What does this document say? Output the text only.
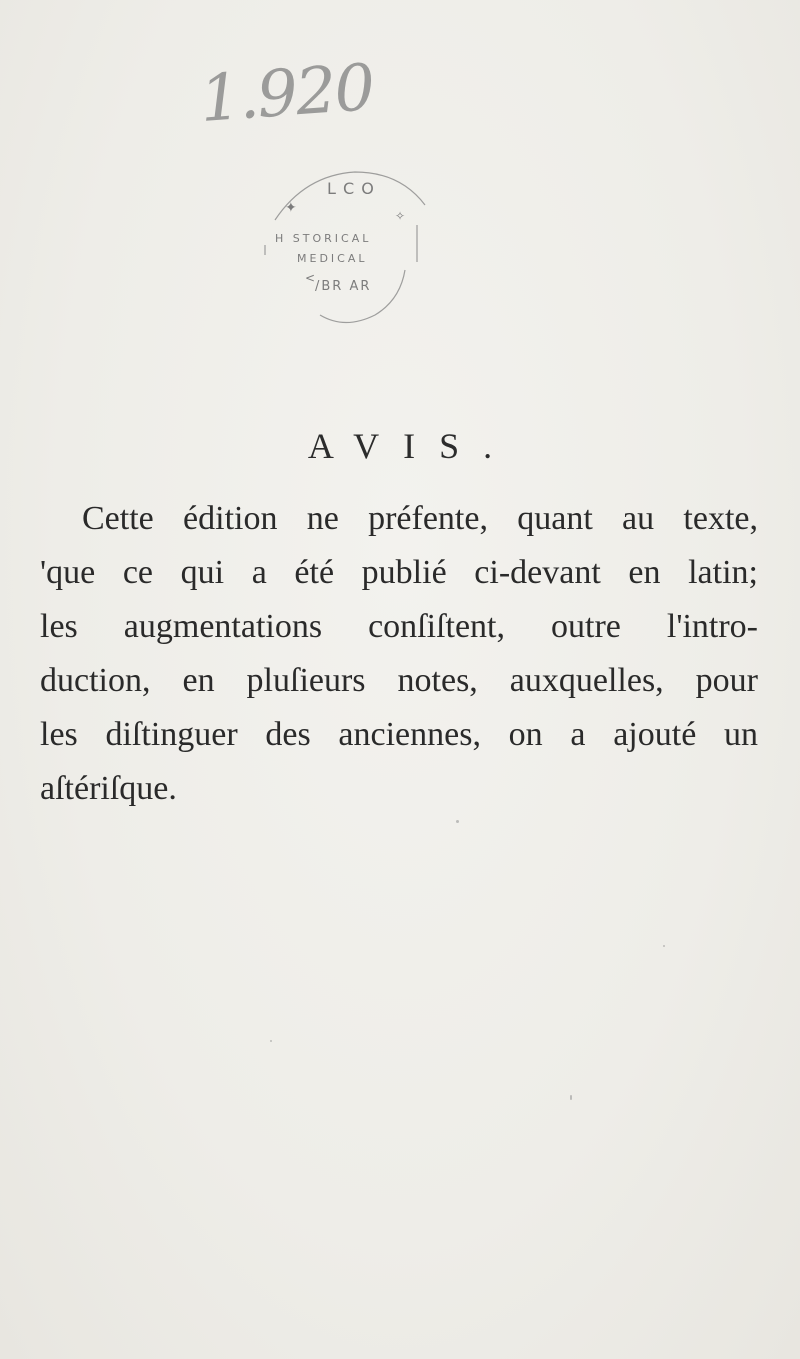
1.920
L C O
✦	✧
H STORICAL
MEDICAL
/BR AR
<
AVIS.
Cette édition ne préfente, quant au texte,
'que ce qui a été publié ci-devant en latin;
les augmentations conſiſtent, outre l'intro-
duction, en pluſieurs notes, auxquelles, pour
les diſtinguer des anciennes, on a ajouté un
aſtériſque.
